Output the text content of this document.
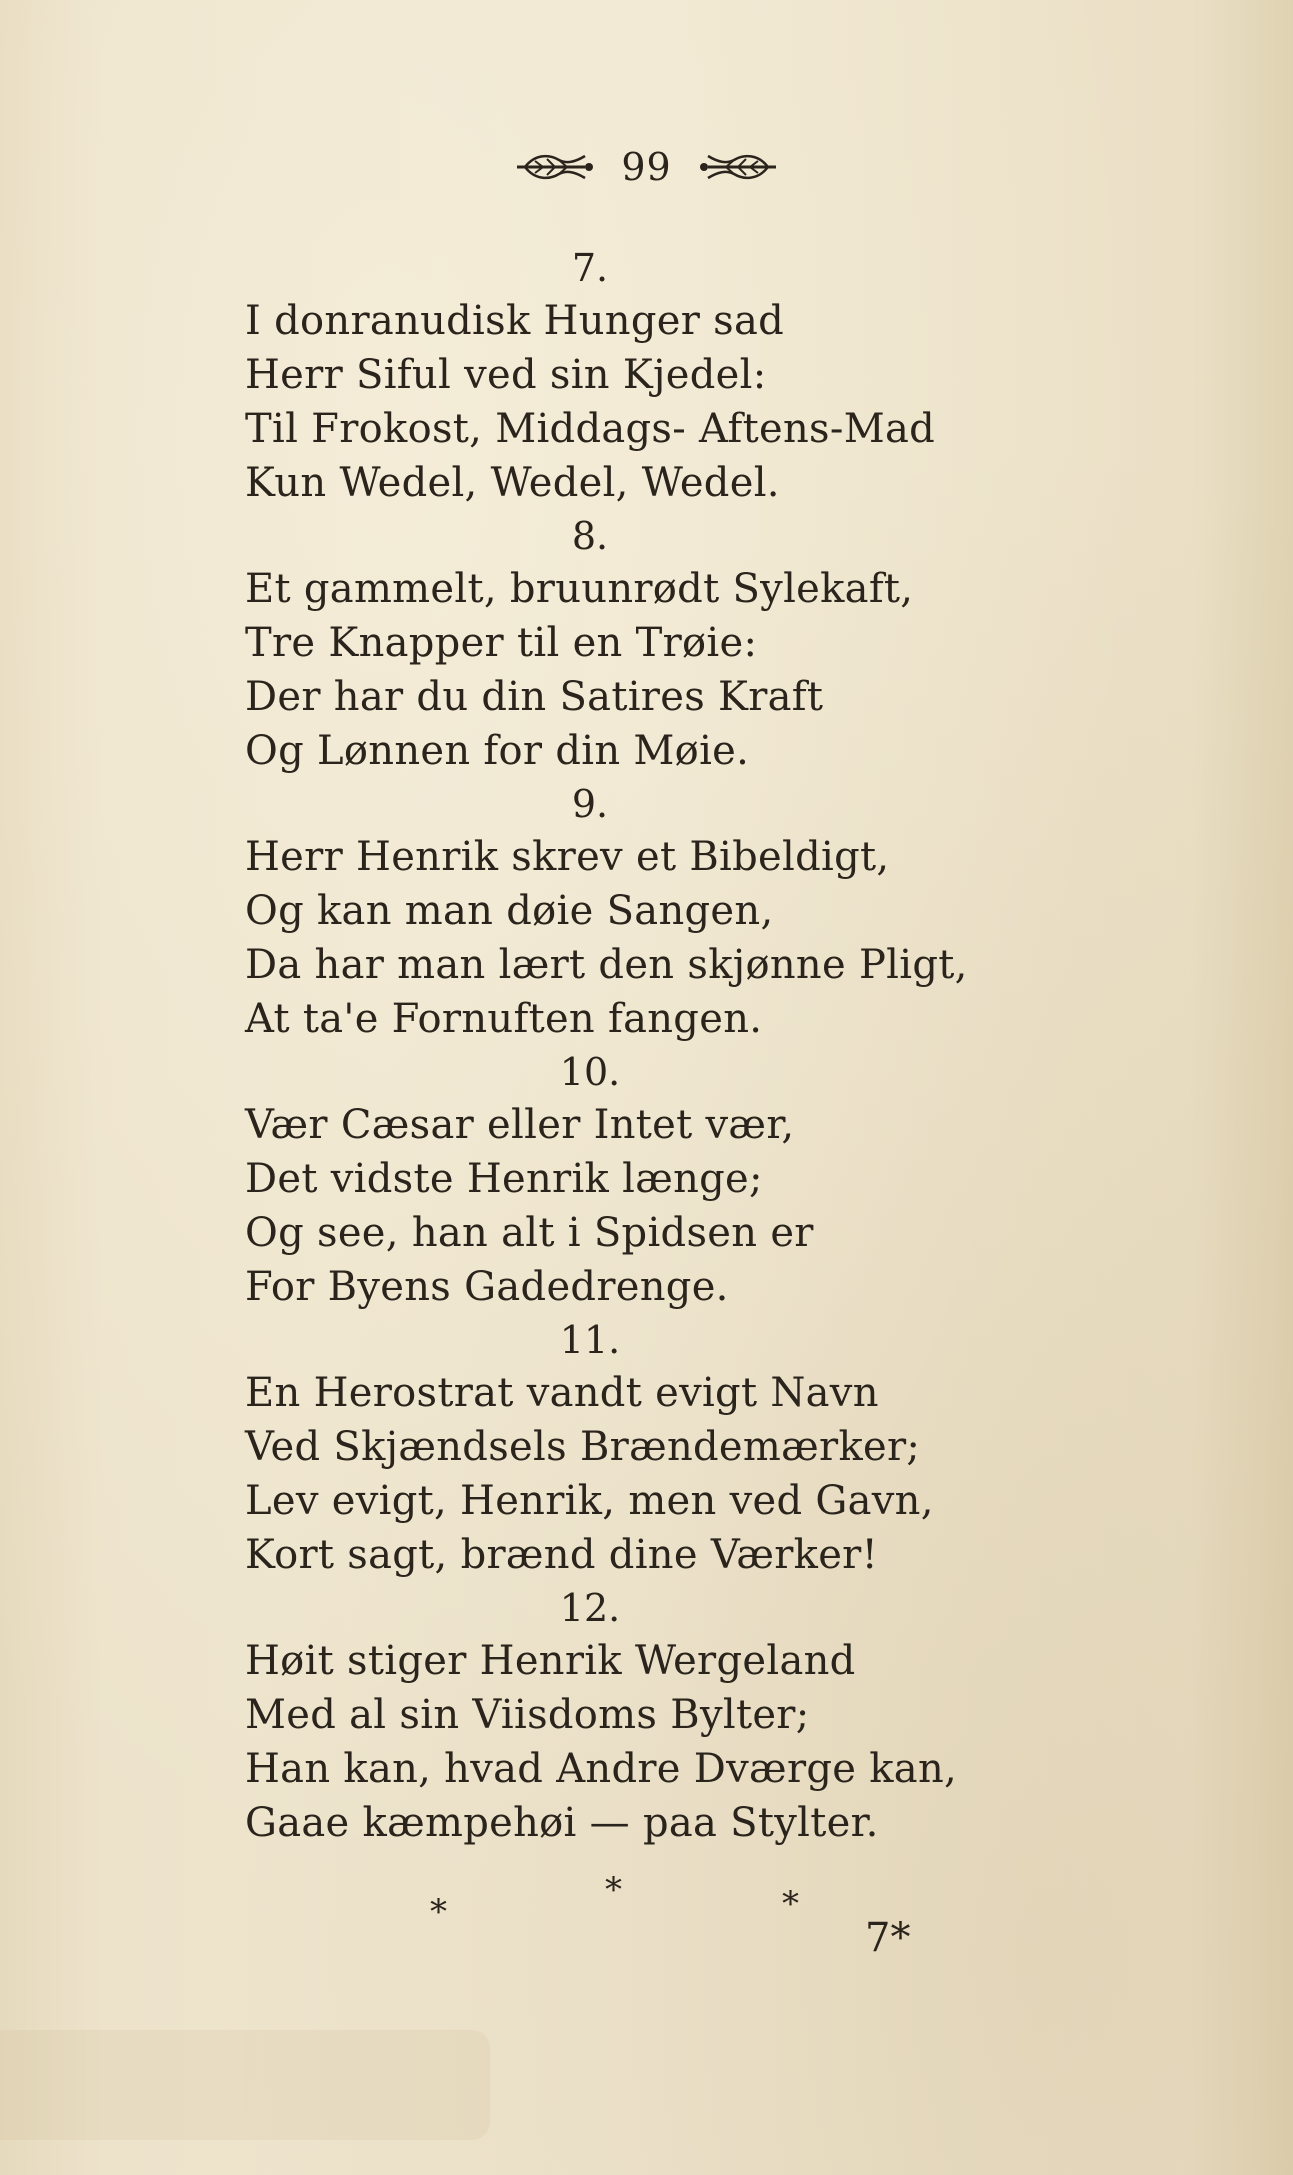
99
7.
I donranudisk Hunger sad
Herr Siful ved sin Kjedel:
Til Frokost, Middags- Aftens-Mad
Kun Wedel, Wedel, Wedel.
8.
Et gammelt, bruunrødt Sylekaft,
Tre Knapper til en Trøie:
Der har du din Satires Kraft
Og Lønnen for din Møie.
9.
Herr Henrik skrev et Bibeldigt,
Og kan man døie Sangen,
Da har man lært den skjønne Pligt,
At ta'e Fornuften fangen.
10.
Vær Cæsar eller Intet vær,
Det vidste Henrik længe;
Og see, han alt i Spidsen er
For Byens Gadedrenge.
11.
En Herostrat vandt evigt Navn
Ved Skjændsels Brændemærker;
Lev evigt, Henrik, men ved Gavn,
Kort sagt, brænd dine Værker!
12.
Høit stiger Henrik Wergeland
Med al sin Viisdoms Bylter;
Han kan, hvad Andre Dværge kan,
Gaae kæmpehøi — paa Stylter.
*
*	*
7*
